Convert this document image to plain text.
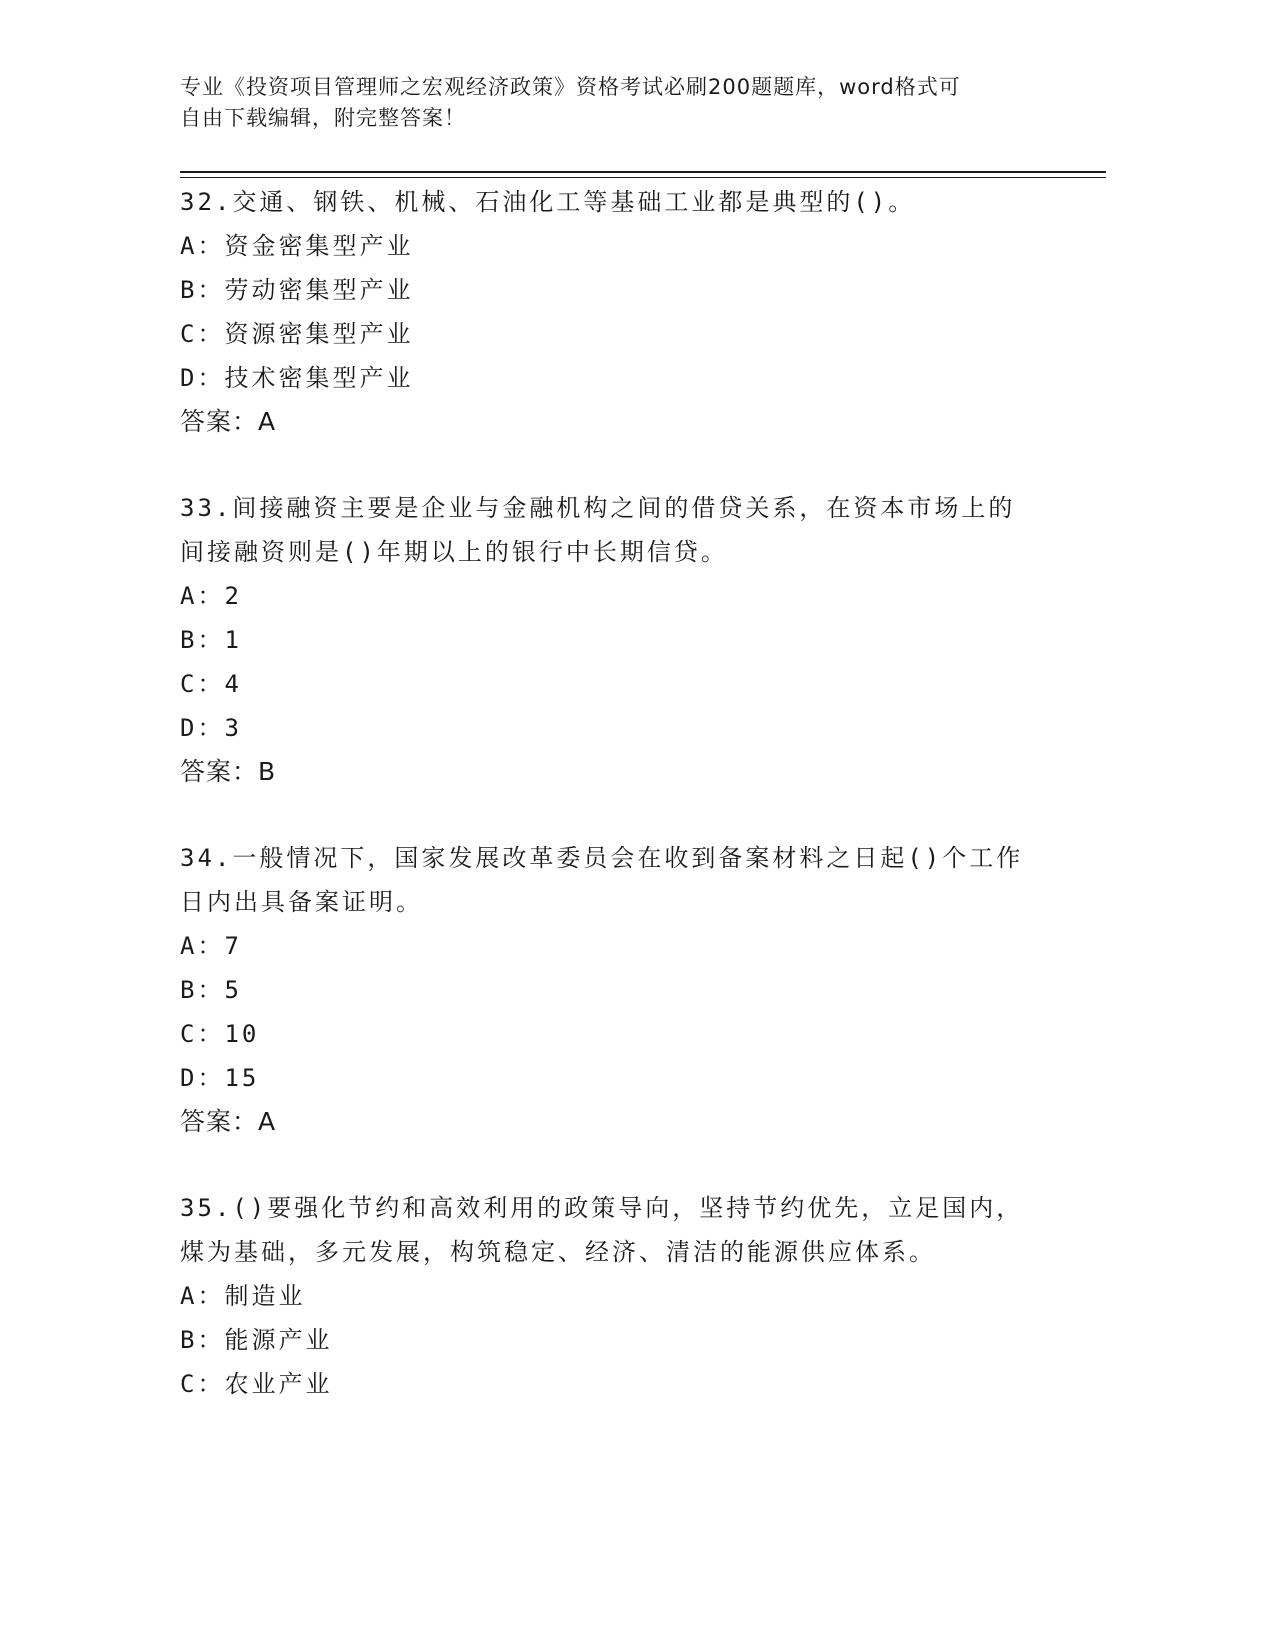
专业《投资项目管理师之宏观经济政策》资格考试必刷200题题库，word格式可
自由下载编辑，附完整答案！
32.交通、钢铁、机械、石油化工等基础工业都是典型的()。
A：资金密集型产业
B：劳动密集型产业
C：资源密集型产业
D：技术密集型产业
答案：A
33.间接融资主要是企业与金融机构之间的借贷关系，在资本市场上的
间接融资则是()年期以上的银行中长期信贷。
A：2
B：1
C：4
D：3
答案：B
34.一般情况下，国家发展改革委员会在收到备案材料之日起()个工作
日内出具备案证明。
A：7
B：5
C：10
D：15
答案：A
35.()要强化节约和高效利用的政策导向，坚持节约优先，立足国内，
煤为基础，多元发展，构筑稳定、经济、清洁的能源供应体系。
A：制造业
B：能源产业
C：农业产业
